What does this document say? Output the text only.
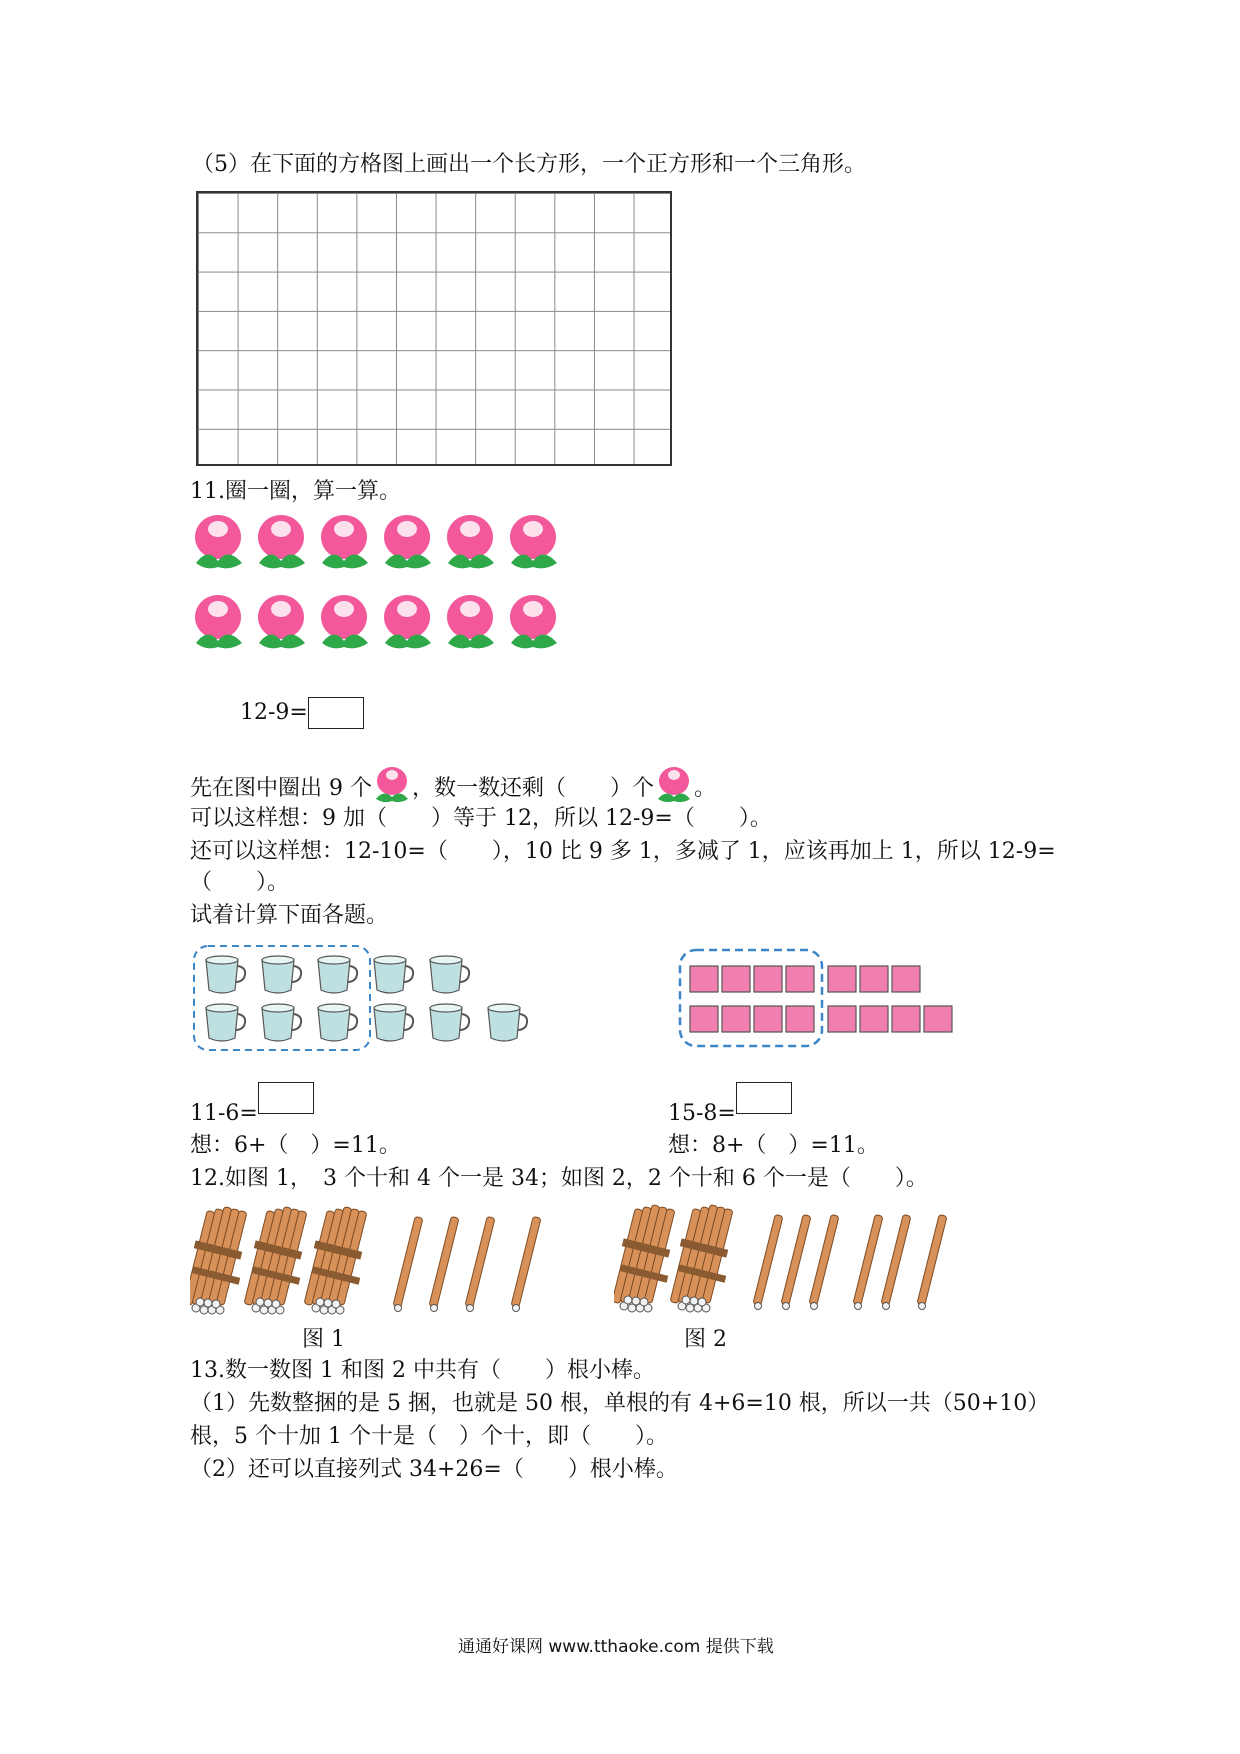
（5）在下面的方格图上画出一个长方形，一个正方形和一个三角形。
11.圈一圈，算一算。
12-9=
先在图中圈出 9 个 ，数一数还剩（　　）个 。
可以这样想：9 加（　　）等于 12，所以 12-9=（　　）。
还可以这样想：12-10=（　　），10 比 9 多 1，多减了 1，应该再加上 1，所以 12-9=
（　　）。
试着计算下面各题。
11-6=	15-8=
想：6+（　）=11。	想：8+（　）=11。
12.如图 1，　3 个十和 4 个一是 34；如图 2，2 个十和 6 个一是（　　）。
图 1	图 2
13.数一数图 1 和图 2 中共有（　　）根小棒。
（1）先数整捆的是 5 捆，也就是 50 根，单根的有 4+6=10 根，所以一共（50+10）
根，5 个十加 1 个十是（　）个十，即（　　）。
（2）还可以直接列式 34+26=（　　）根小棒。
通通好课网 www.tthaoke.com 提供下载
